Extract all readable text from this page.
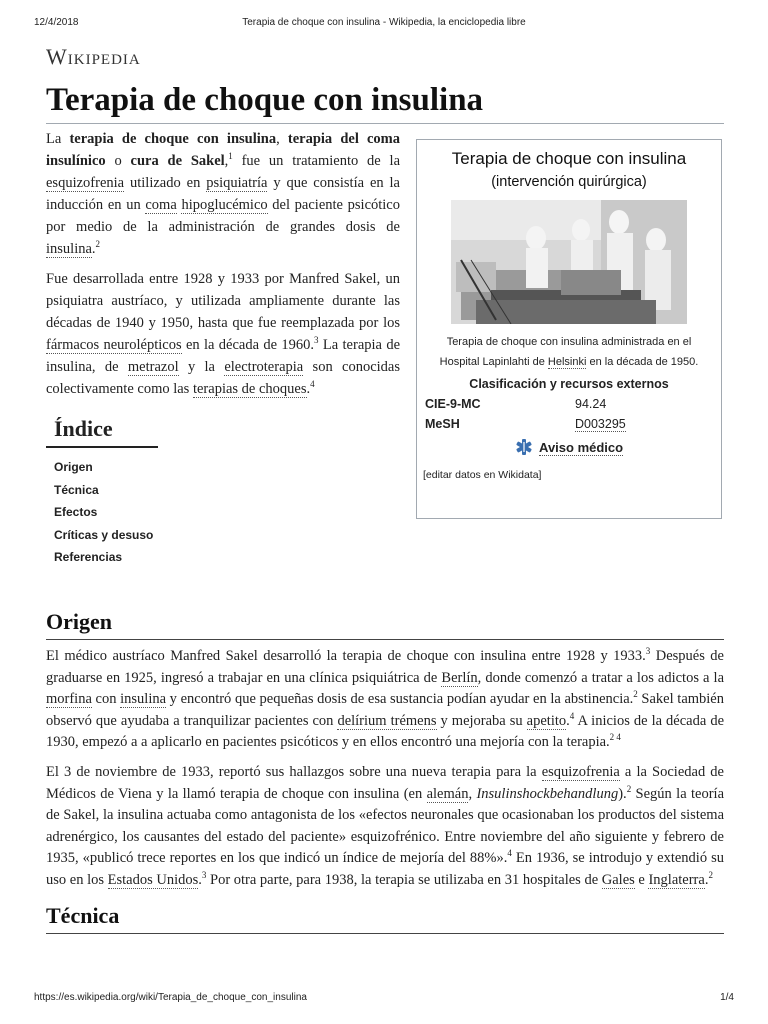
12/4/2018	Terapia de choque con insulina - Wikipedia, la enciclopedia libre
Wikipedia
Terapia de choque con insulina

La terapia de choque con insulina, terapia del coma insulínico o cura de Sakel,$^1$ fue un tratamiento de la esquizofrenia utilizado en psiquiatría y que consistía en la inducción en un coma hipoglucémico del paciente psicótico por medio de la administración de grandes dosis de insulina.$^2$

Fue desarrollada entre 1928 y 1933 por Manfred Sakel, un psiquiatra austríaco, y utilizada ampliamente durante las décadas de 1940 y 1950, hasta que fue reemplazada por los fármacos neurolépticos en la década de 1960.$^3$ La terapia de insulina, de metrazol y la electroterapia son conocidas colectivamente como las terapias de choques.$^4$

Terapia de choque con insulina
(intervención quirúrgica)
Terapia de choque con insulina administrada en el Hospital Lapinlahti de Helsinki en la década de 1950.
Clasificación y recursos externos
CIE-9-MC	94.24
MeSH	D003295
Aviso médico
[editar datos en Wikidata]
Índice
Origen
Técnica
Efectos
Críticas y desuso
Referencias
Origen

El médico austríaco Manfred Sakel desarrolló la terapia de choque con insulina entre 1928 y 1933.$^3$ Después de graduarse en 1925, ingresó a trabajar en una clínica psiquiátrica de Berlín, donde comenzó a tratar a los adictos a la morfina con insulina y encontró que pequeñas dosis de esa sustancia podían ayudar en la abstinencia.$^2$ Sakel también observó que ayudaba a tranquilizar pacientes con delírium trémens y mejoraba su apetito.$^4$ A inicios de la década de 1930, empezó a a aplicarlo en pacientes psicóticos y en ellos encontró una mejoría con la terapia.$^{2 4}$

El 3 de noviembre de 1933, reportó sus hallazgos sobre una nueva terapia para la esquizofrenia a la Sociedad de Médicos de Viena y la llamó terapia de choque con insulina (en alemán, Insulinshockbehandlung).$^2$ Según la teoría de Sakel, la insulina actuaba como antagonista de los «efectos neuronales que ocasionaban los productos del sistema adrenérgico, los causantes del estado del paciente» esquizofrénico. Entre noviembre del año siguiente y febrero de 1935, «publicó trece reportes en los que indicó un índice de mejoría del 88%».$^4$ En 1936, se introdujo y extendió su uso en los Estados Unidos.$^3$ Por otra parte, para 1938, la terapia se utilizaba en 31 hospitales de Gales e Inglaterra.$^2$

Técnica
https://es.wikipedia.org/wiki/Terapia_de_choque_con_insulina	1/4
